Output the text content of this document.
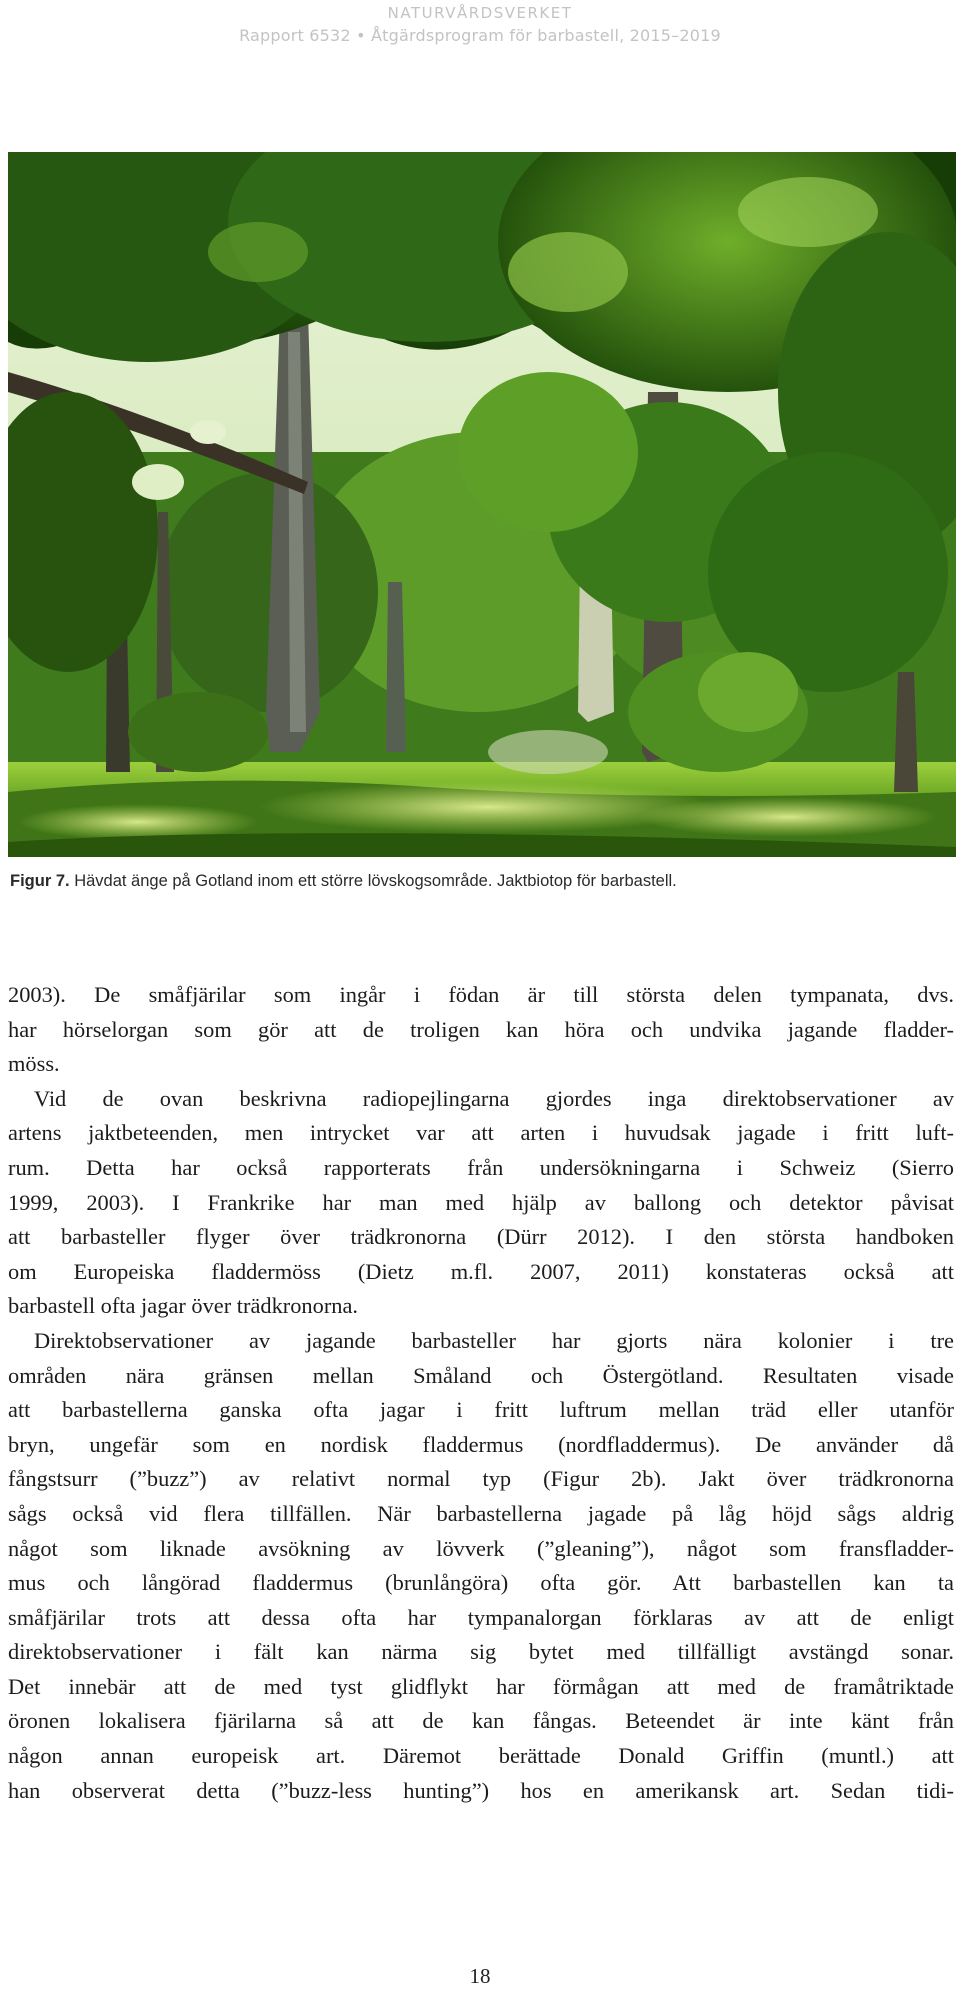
NATURVÅRDSVERKET
Rapport 6532 • Åtgärdsprogram för barbastell, 2015–2019
Figur 7. Hävdat änge på Gotland inom ett större lövskogsområde. Jaktbiotop för barbastell.

2003). De småfjärilar som ingår i födan är till största delen tympanata, dvs.

har hörselorgan som gör att de troligen kan höra och undvika jagande fladder-

möss.

Vid de ovan beskrivna radiopejlingarna gjordes inga direktobservationer av

artens jaktbeteenden, men intrycket var att arten i huvudsak jagade i fritt luft-

rum. Detta har också rapporterats från undersökningarna i Schweiz (Sierro

1999, 2003). I Frankrike har man med hjälp av ballong och detektor påvisat

att barbasteller flyger över trädkronorna (Dürr 2012). I den största handboken

om Europeiska fladdermöss (Dietz m.fl. 2007, 2011) konstateras också att

barbastell ofta jagar över trädkronorna.

Direktobservationer av jagande barbasteller har gjorts nära kolonier i tre

områden nära gränsen mellan Småland och Östergötland. Resultaten visade

att barbastellerna ganska ofta jagar i fritt luftrum mellan träd eller utanför

bryn, ungefär som en nordisk fladdermus (nordfladdermus). De använder då

fångstsurr (”buzz”) av relativt normal typ (Figur 2b). Jakt över trädkronorna

sågs också vid flera tillfällen. När barbastellerna jagade på låg höjd sågs aldrig

något som liknade avsökning av lövverk (”gleaning”), något som fransfladder-

mus och långörad fladdermus (brunlångöra) ofta gör. Att barbastellen kan ta

småfjärilar trots att dessa ofta har tympanalorgan förklaras av att de enligt

direktobservationer i fält kan närma sig bytet med tillfälligt avstängd sonar.

Det innebär att de med tyst glidflykt har förmågan att med de framåtriktade

öronen lokalisera fjärilarna så att de kan fångas. Beteendet är inte känt från

någon annan europeisk art. Däremot berättade Donald Griffin (muntl.) att

han observerat detta (”buzz-less hunting”) hos en amerikansk art. Sedan tidi-

18
